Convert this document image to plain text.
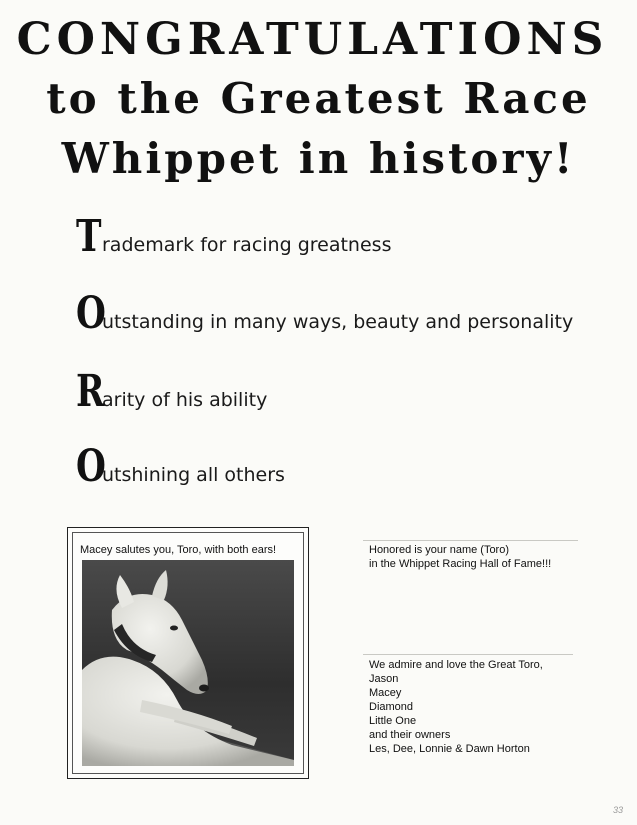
CONGRATULATIONS
to the Greatest Race
Whippet in history!
T rademark for racing greatness
O
utstanding in many ways, beauty and personality
R
arity of his ability
O
utshining all others
Macey salutes you, Toro, with both ears!	Honored is your name (Toro)
in the Whippet Racing Hall of Fame!!!
We admire and love the Great Toro,
Jason
Macey
Diamond
Little One
and their owners
Les, Dee, Lonnie & Dawn Horton
33
